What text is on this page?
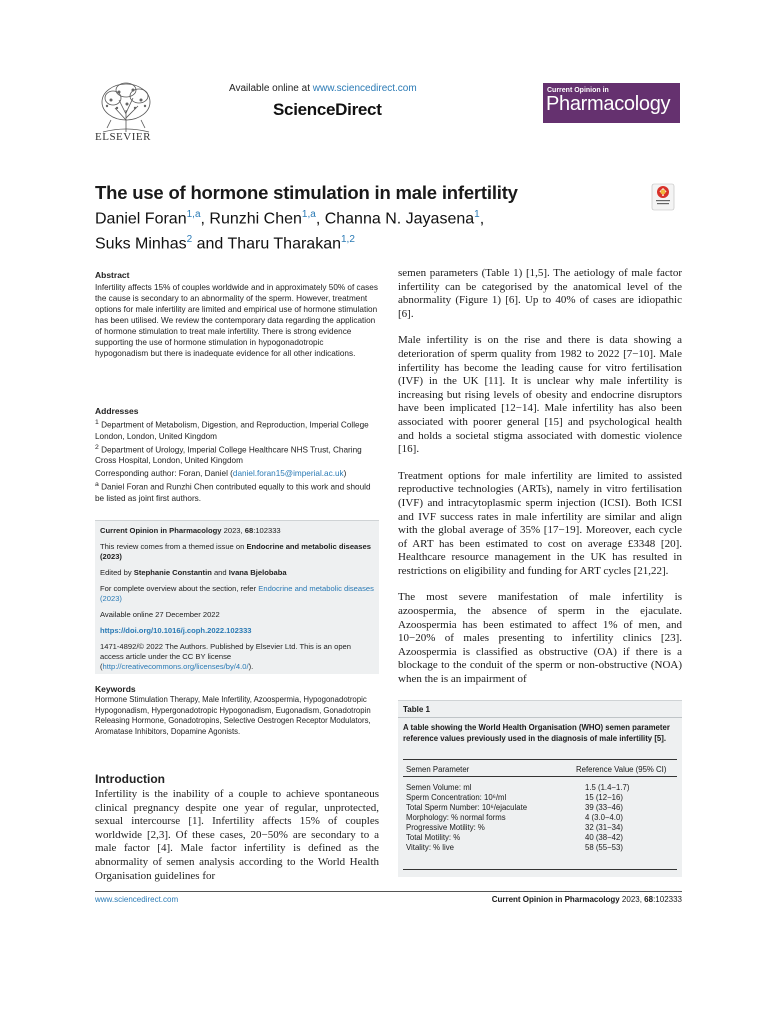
ELSEVIER
Available online at www.sciencedirect.com
ScienceDirect
Current Opinion in
Pharmacology
The use of hormone stimulation in male infertility
Daniel Foran$^{1,a}$, Runzhi Chen$^{1,a}$, Channa N. Jayasena$^1$,
Suks Minhas$^2$ and Tharu Tharakan$^{1,2}$

Abstract

Infertility affects 15% of couples worldwide and in approximately 50% of cases the cause is secondary to an abnormality of the sperm. However, treatment options for male infertility are limited and empirical use of hormone stimulation has been utilised. We review the contemporary data regarding the application of hormone stimulation to treat male infertility. There is strong evidence supporting the use of hormone stimulation in hypogonadotropic hypogonadism but there is inadequate evidence for all other indications.

Addresses

$^1$ Department of Metabolism, Digestion, and Reproduction, Imperial College London, London, United Kingdom

$^2$ Department of Urology, Imperial College Healthcare NHS Trust, Charing Cross Hospital, London, United Kingdom

Corresponding author: Foran, Daniel (daniel.foran15@imperial.ac.uk)

$^a$ Daniel Foran and Runzhi Chen contributed equally to this work and should be listed as joint first authors.

Current Opinion in Pharmacology 2023, 68:102333

This review comes from a themed issue on Endocrine and metabolic diseases (2023)

Edited by Stephanie Constantin and Ivana Bjelobaba

For complete overview about the section, refer Endocrine and metabolic diseases (2023)

Available online 27 December 2022

https://doi.org/10.1016/j.coph.2022.102333

1471-4892/© 2022 The Authors. Published by Elsevier Ltd. This is an open access article under the CC BY license (http://creativecommons.org/licenses/by/4.0/).

Keywords

Hormone Stimulation Therapy, Male Infertility, Azoospermia, Hypogonadotropic Hypogonadism, Hypergonadotropic Hypogonadism, Eugonadism, Gonadotropin Releasing Hormone, Gonadotropins, Selective Oestrogen Receptor Modulators, Aromatase Inhibitors, Dopamine Agonists.

Introduction

Infertility is the inability of a couple to achieve spontaneous clinical pregnancy despite one year of regular, unprotected, sexual intercourse [1]. Infertility affects 15% of couples worldwide [2,3]. Of these cases, 20−50% are secondary to a male factor [4]. Male factor infertility is defined as the abnormality of semen analysis according to the World Health Organisation guidelines for

semen parameters (Table 1) [1,5]. The aetiology of male factor infertility can be categorised by the anatomical level of the abnormality (Figure 1) [6]. Up to 40% of cases are idiopathic [6].

Male infertility is on the rise and there is data showing a deterioration of sperm quality from 1982 to 2022 [7−10]. Male infertility has become the leading cause for vitro fertilisation (IVF) in the UK [11]. It is unclear why male infertility is increasing but rising levels of obesity and endocrine disruptors have been implicated [12−14]. Male infertility has also been associated with poorer general [15] and psychological health and holds a societal stigma associated with domestic violence [16].

Treatment options for male infertility are limited to assisted reproductive technologies (ARTs), namely in vitro fertilisation (IVF) and intracytoplasmic sperm injection (ICSI). Both ICSI and IVF success rates in male infertility are similar and align with the global average of 35% [17−19]. Moreover, each cycle of ART has been estimated to cost on average £3348 [20]. Healthcare resource management in the UK has resulted in restrictions on eligibility and funding for ART cycles [21,22].

The most severe manifestation of male infertility is azoospermia, the absence of sperm in the ejaculate. Azoospermia has been estimated to affect 1% of men, and 10−20% of males presenting to infertility clinics [23]. Azoospermia is classified as obstructive (OA) if there is a blockage to the conduit of the sperm or non-obstructive (NOA) when the is an impairment of

Table 1

A table showing the World Health Organisation (WHO) semen parameter reference values previously used in the diagnosis of male infertility [5].

Semen Parameter	Reference Value (95% CI)
Semen Volume: ml	1.5 (1.4−1.7)
Sperm Concentration: 10⁶/ml	15 (12−16)
Total Sperm Number: 10⁶/ejaculate	39 (33−46)
Morphology: % normal forms	4 (3.0−4.0)
Progressive Motility: %	32 (31−34)
Total Motility: %	40 (38−42)
Vitality: % live	58 (55−53)
www.sciencedirect.com	Current Opinion in Pharmacology 2023, 68:102333
